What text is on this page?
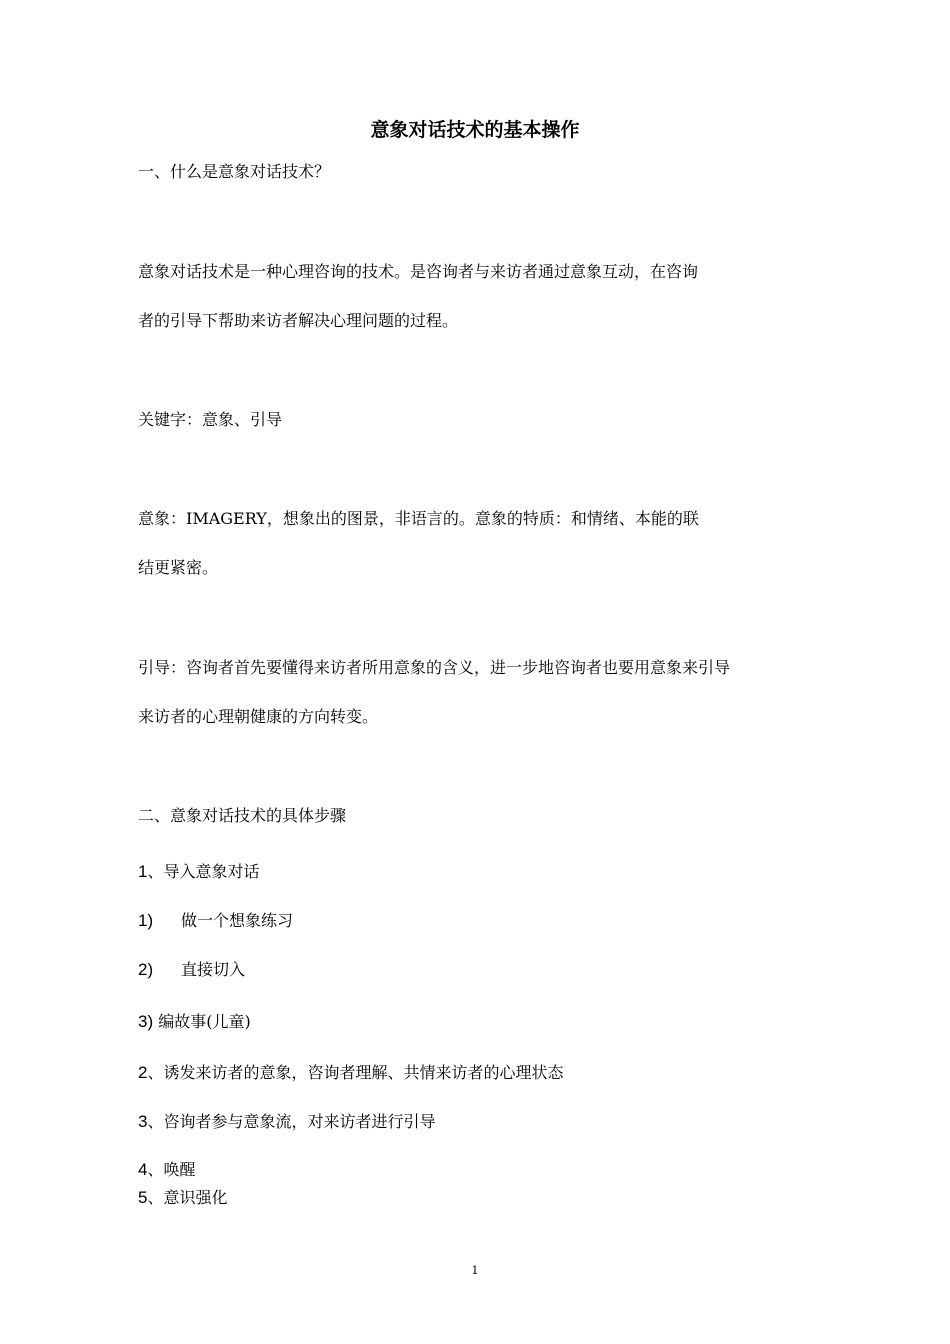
意象对话技术的基本操作
一、什么是意象对话技术？
意象对话技术是一种心理咨询的技术。是咨询者与来访者通过意象互动，在咨询
者的引导下帮助来访者解决心理问题的过程。
关键字：意象、引导
意象：IMAGERY，想象出的图景，非语言的。意象的特质：和情绪、本能的联
结更紧密。
引导：咨询者首先要懂得来访者所用意象的含义，进一步地咨询者也要用意象来引导
来访者的心理朝健康的方向转变。
二、意象对话技术的具体步骤
1、导入意象对话
1) 做一个想象练习
2) 直接切入
3) 编故事(儿童)
2、诱发来访者的意象，咨询者理解、共情来访者的心理状态
3、咨询者参与意象流，对来访者进行引导
4、唤醒
5、意识强化
1
